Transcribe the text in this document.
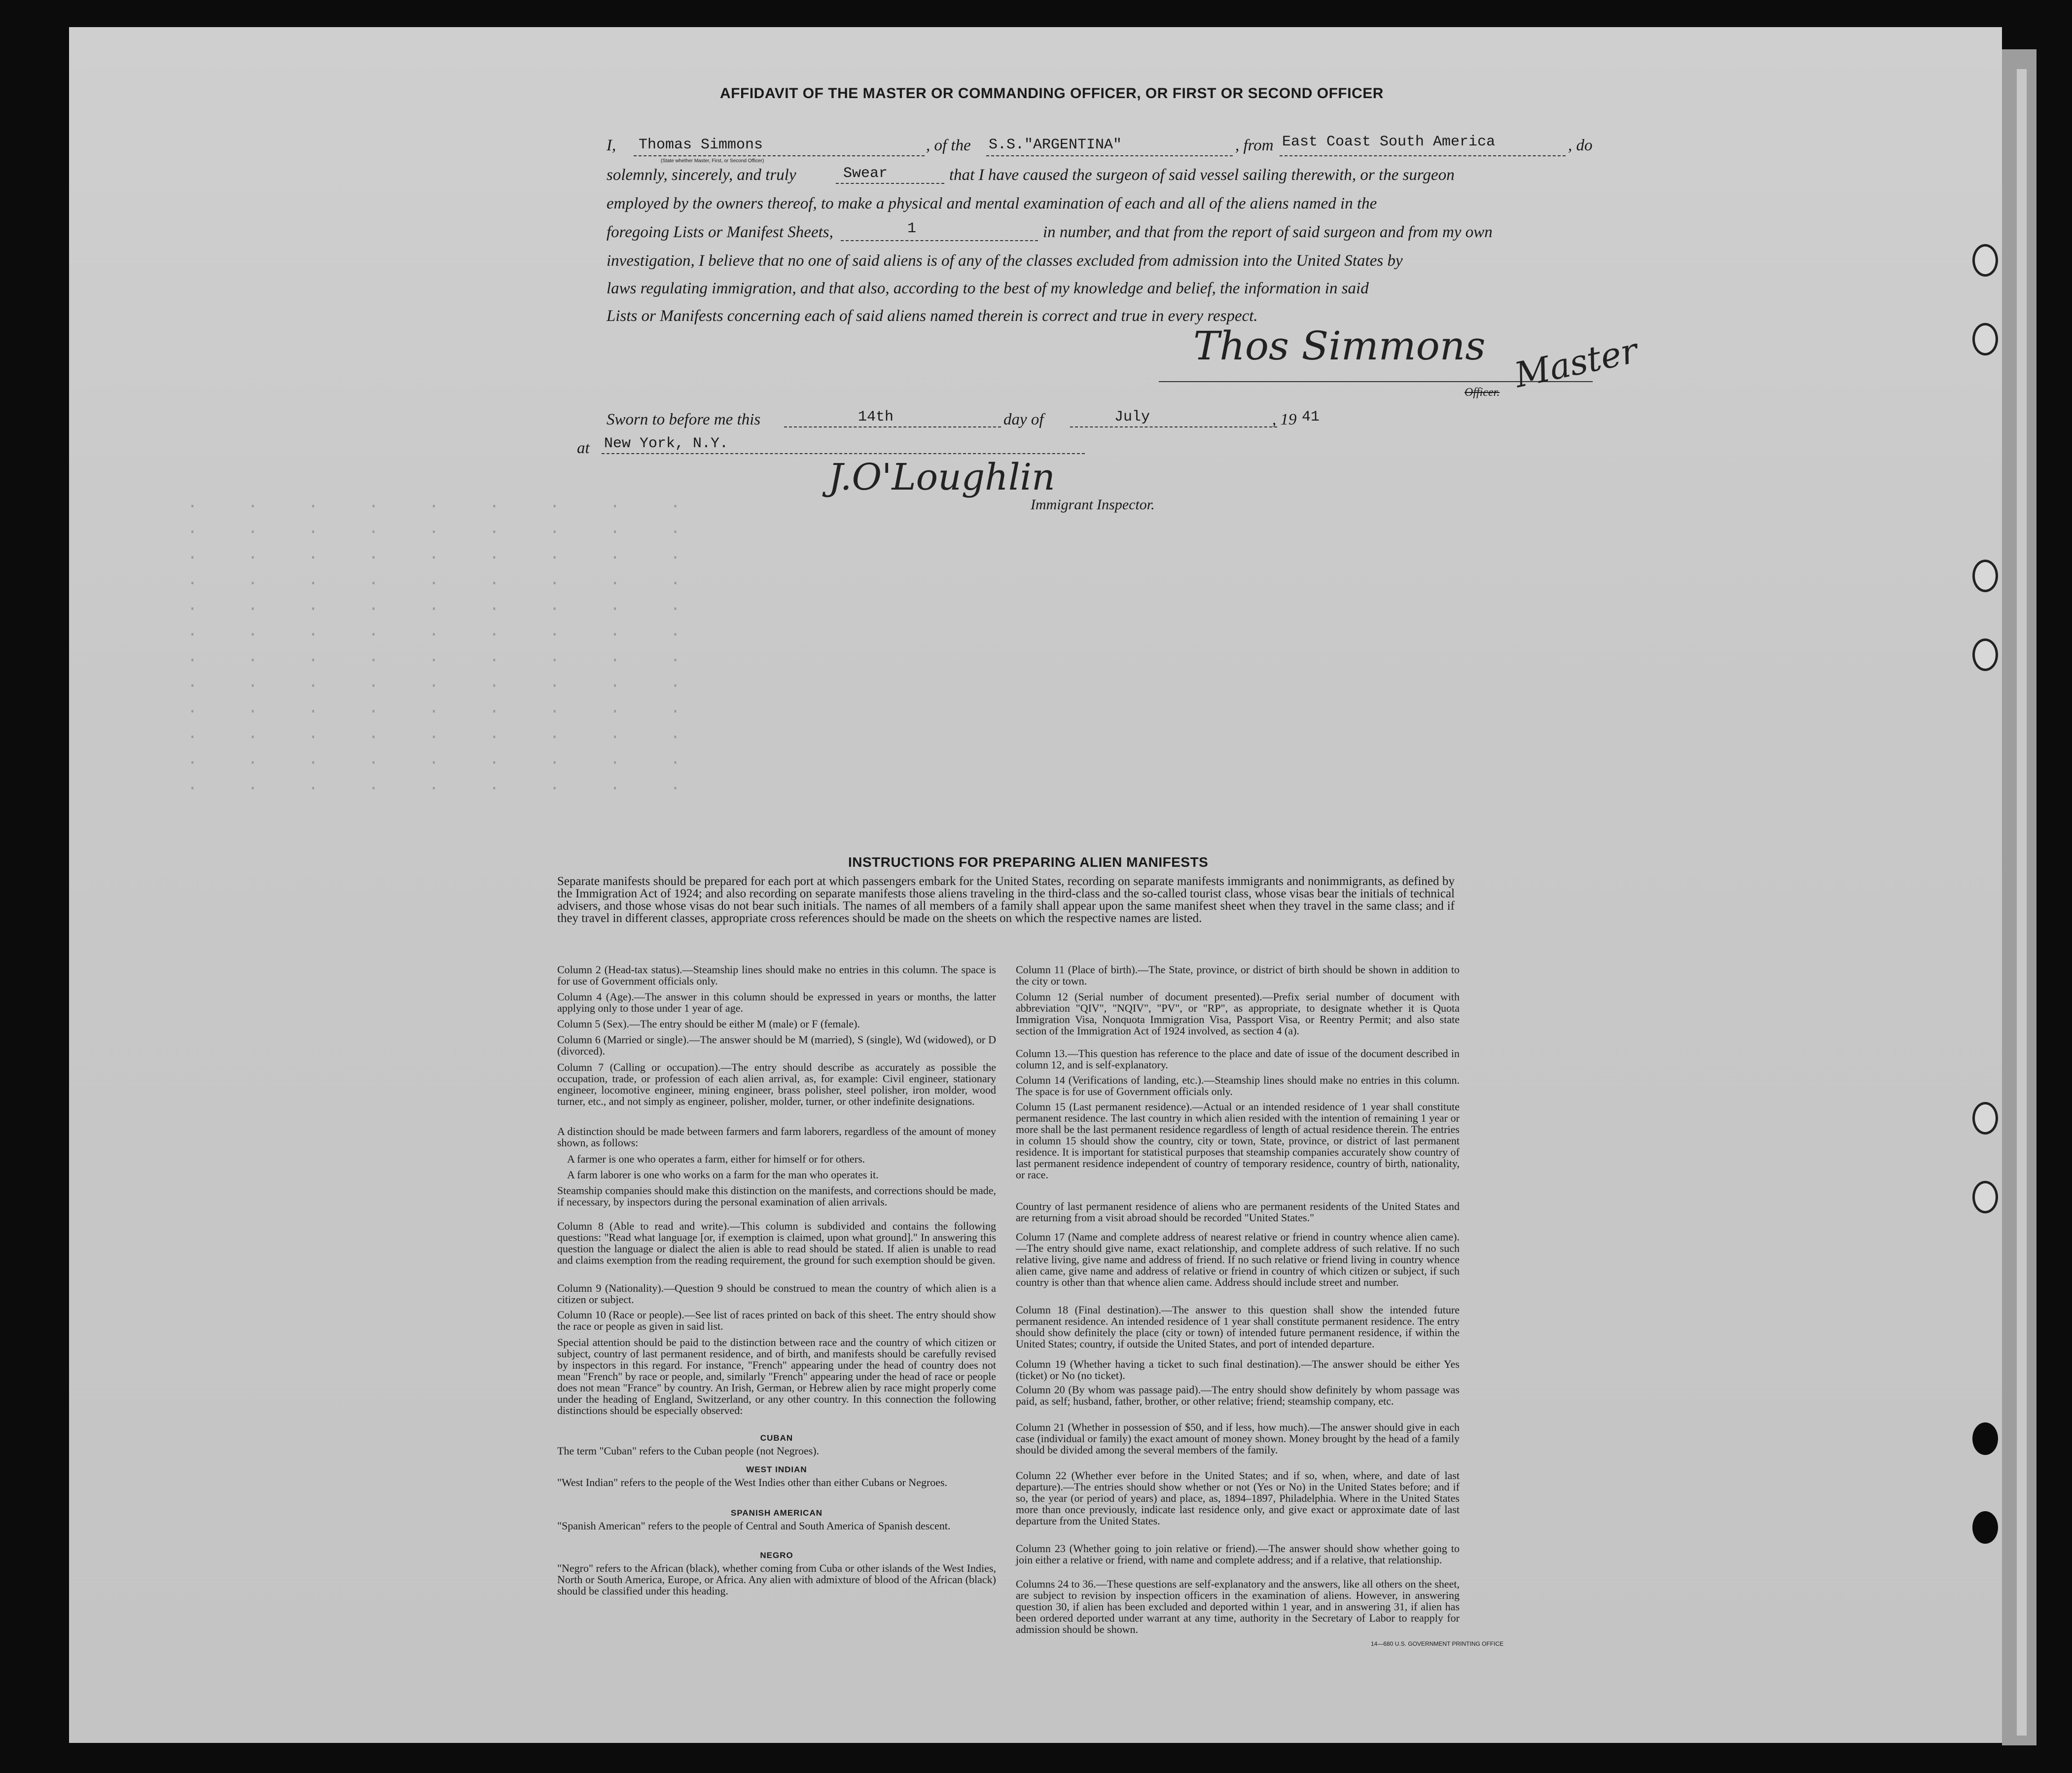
·     ·     ·     ·     ·     ·     ·     ·     ·
·     ·     ·     ·     ·     ·     ·     ·     ·
·     ·     ·     ·     ·     ·     ·     ·     ·
·     ·     ·     ·     ·     ·     ·     ·     ·
·     ·     ·     ·     ·     ·     ·     ·     ·
·     ·     ·     ·     ·     ·     ·     ·     ·
·     ·     ·     ·     ·     ·     ·     ·     ·
·     ·     ·     ·     ·     ·     ·     ·     ·
·     ·     ·     ·     ·     ·     ·     ·     ·
·     ·     ·     ·     ·     ·     ·     ·     ·
·     ·     ·     ·     ·     ·     ·     ·     ·
·     ·     ·     ·     ·     ·     ·     ·     ·
AFFIDAVIT OF THE MASTER OR COMMANDING OFFICER, OR FIRST OR SECOND OFFICER
I, Thomas Simmons
(State whether Master, First, or Second Officer)
, of the S.S."ARGENTINA"	, from East Coast South America	, do
solemnly, sincerely, and truly	Swear	that I have caused the surgeon of said vessel sailing therewith, or the surgeon
employed by the owners thereof, to make a physical and mental examination of each and all of the aliens named in the
foregoing Lists or Manifest Sheets,	1	in number, and that from the report of said surgeon and from my own
investigation, I believe that no one of said aliens is of any of the classes excluded from admission into the United States by
laws regulating immigration, and that also, according to the best of my knowledge and belief, the information in said
Lists or Manifests concerning each of said aliens named therein is correct and true in every respect.
Thos Simmons
Officer. Master
Sworn to before me this	14th	day of	July	, 19 41
at New York, N.Y.
J.O'Loughlin
Immigrant Inspector.
INSTRUCTIONS FOR PREPARING ALIEN MANIFESTS

Separate manifests should be prepared for each port at which passengers embark for the United States, recording on separate manifests immigrants and nonimmigrants, as defined by the Immigration Act of 1924; and also recording on separate manifests those aliens traveling in the third-class and the so-called tourist class, whose visas bear the initials of technical advisers, and those whose visas do not bear such initials. The names of all members of a family shall appear upon the same manifest sheet when they travel in the same class; and if they travel in different classes, appropriate cross references should be made on the sheets on which the respective names are listed.

Column 2 (Head-tax status).—Steamship lines should make no entries in this column. The space is for use of Government officials only.

Column 4 (Age).—The answer in this column should be expressed in years or months, the latter applying only to those under 1 year of age.

Column 5 (Sex).—The entry should be either M (male) or F (female).

Column 6 (Married or single).—The answer should be M (married), S (single), Wd (widowed), or D (divorced).

Column 7 (Calling or occupation).—The entry should describe as accurately as possible the occupation, trade, or profession of each alien arrival, as, for example: Civil engineer, stationary engineer, locomotive engineer, mining engineer, brass polisher, steel polisher, iron molder, wood turner, etc., and not simply as engineer, polisher, molder, turner, or other indefinite designations.

A distinction should be made between farmers and farm laborers, regardless of the amount of money shown, as follows:

A farmer is one who operates a farm, either for himself or for others.

A farm laborer is one who works on a farm for the man who operates it.

Steamship companies should make this distinction on the manifests, and corrections should be made, if necessary, by inspectors during the personal examination of alien arrivals.

Column 8 (Able to read and write).—This column is subdivided and contains the following questions: "Read what language [or, if exemption is claimed, upon what ground]." In answering this question the language or dialect the alien is able to read should be stated. If alien is unable to read and claims exemption from the reading requirement, the ground for such exemption should be given.

Column 9 (Nationality).—Question 9 should be construed to mean the country of which alien is a citizen or subject.

Column 10 (Race or people).—See list of races printed on back of this sheet. The entry should show the race or people as given in said list.

Special attention should be paid to the distinction between race and the country of which citizen or subject, country of last permanent residence, and of birth, and manifests should be carefully revised by inspectors in this regard. For instance, "French" appearing under the head of country does not mean "French" by race or people, and, similarly "French" appearing under the head of race or people does not mean "France" by country. An Irish, German, or Hebrew alien by race might properly come under the heading of England, Switzerland, or any other country. In this connection the following distinctions should be especially observed:

CUBAN

The term "Cuban" refers to the Cuban people (not Negroes).

WEST INDIAN

"West Indian" refers to the people of the West Indies other than either Cubans or Negroes.

SPANISH AMERICAN

"Spanish American" refers to the people of Central and South America of Spanish descent.

NEGRO

"Negro" refers to the African (black), whether coming from Cuba or other islands of the West Indies, North or South America, Europe, or Africa. Any alien with admixture of blood of the African (black) should be classified under this heading.

Column 11 (Place of birth).—The State, province, or district of birth should be shown in addition to the city or town.

Column 12 (Serial number of document presented).—Prefix serial number of document with abbreviation "QIV", "NQIV", "PV", or "RP", as appropriate, to designate whether it is Quota Immigration Visa, Nonquota Immigration Visa, Passport Visa, or Reentry Permit; and also state section of the Immigration Act of 1924 involved, as section 4 (a).

Column 13.—This question has reference to the place and date of issue of the document described in column 12, and is self-explanatory.

Column 14 (Verifications of landing, etc.).—Steamship lines should make no entries in this column. The space is for use of Government officials only.

Column 15 (Last permanent residence).—Actual or an intended residence of 1 year shall constitute permanent residence. The last country in which alien resided with the intention of remaining 1 year or more shall be the last permanent residence regardless of length of actual residence therein. The entries in column 15 should show the country, city or town, State, province, or district of last permanent residence. It is important for statistical purposes that steamship companies accurately show country of last permanent residence independent of country of temporary residence, country of birth, nationality, or race.

Country of last permanent residence of aliens who are permanent residents of the United States and are returning from a visit abroad should be recorded "United States."

Column 17 (Name and complete address of nearest relative or friend in country whence alien came).—The entry should give name, exact relationship, and complete address of such relative. If no such relative living, give name and address of friend. If no such relative or friend living in country whence alien came, give name and address of relative or friend in country of which citizen or subject, if such country is other than that whence alien came. Address should include street and number.

Column 18 (Final destination).—The answer to this question shall show the intended future permanent residence. An intended residence of 1 year shall constitute permanent residence. The entry should show definitely the place (city or town) of intended future permanent residence, if within the United States; country, if outside the United States, and port of intended departure.

Column 19 (Whether having a ticket to such final destination).—The answer should be either Yes (ticket) or No (no ticket).

Column 20 (By whom was passage paid).—The entry should show definitely by whom passage was paid, as self; husband, father, brother, or other relative; friend; steamship company, etc.

Column 21 (Whether in possession of $50, and if less, how much).—The answer should give in each case (individual or family) the exact amount of money shown. Money brought by the head of a family should be divided among the several members of the family.

Column 22 (Whether ever before in the United States; and if so, when, where, and date of last departure).—The entries should show whether or not (Yes or No) in the United States before; and if so, the year (or period of years) and place, as, 1894–1897, Philadelphia. Where in the United States more than once previously, indicate last residence only, and give exact or approximate date of last departure from the United States.

Column 23 (Whether going to join relative or friend).—The answer should show whether going to join either a relative or friend, with name and complete address; and if a relative, that relationship.

Columns 24 to 36.—These questions are self-explanatory and the answers, like all others on the sheet, are subject to revision by inspection officers in the examination of aliens. However, in answering question 30, if alien has been excluded and deported within 1 year, and in answering 31, if alien has been ordered deported under warrant at any time, authority in the Secretary of Labor to reapply for admission should be shown.

14—680 U.S. GOVERNMENT PRINTING OFFICE
